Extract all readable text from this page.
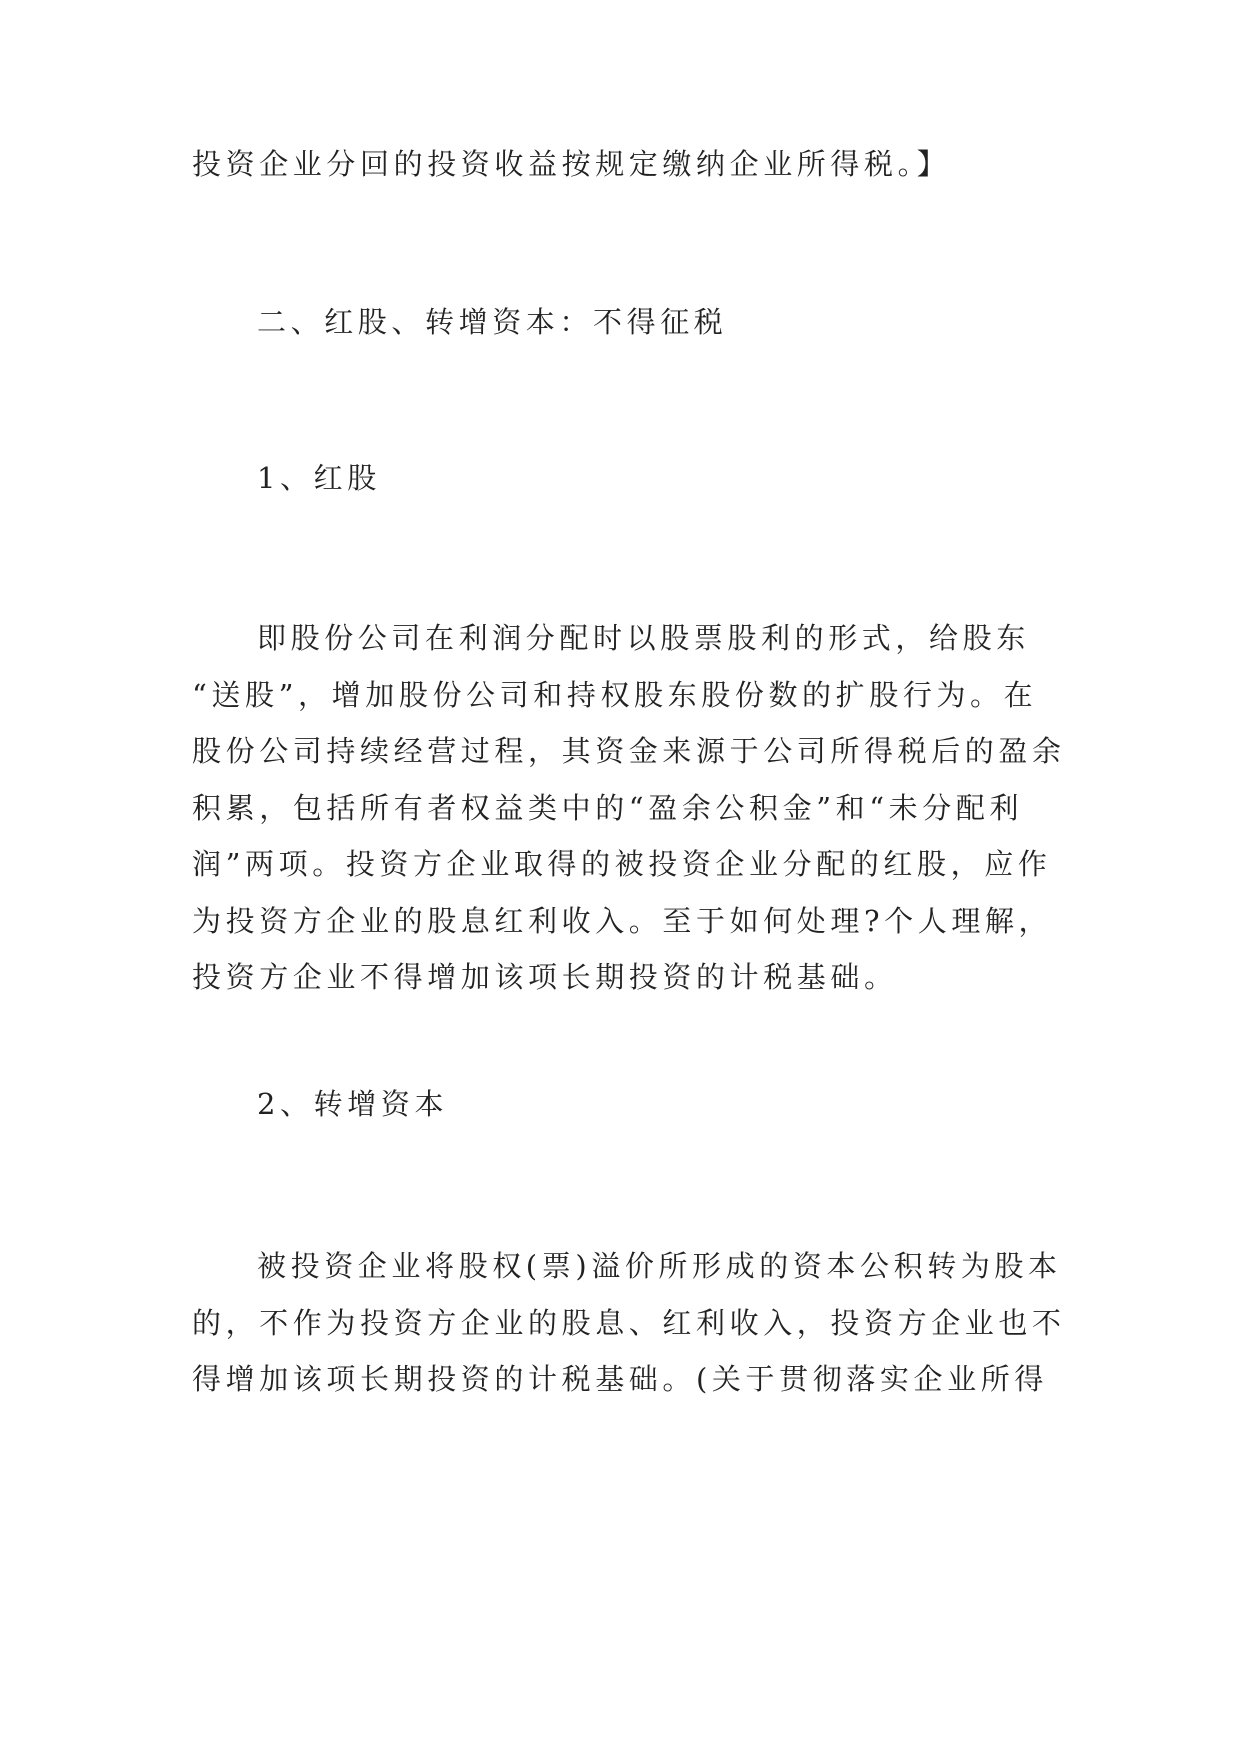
投资企业分回的投资收益按规定缴纳企业所得税。】
二、红股、转增资本：不得征税
1、红股
即股份公司在利润分配时以股票股利的形式，给股东
“送股”，增加股份公司和持权股东股份数的扩股行为。在
股份公司持续经营过程，其资金来源于公司所得税后的盈余
积累，包括所有者权益类中的“盈余公积金”和“未分配利
润”两项。投资方企业取得的被投资企业分配的红股，应作
为投资方企业的股息红利收入。至于如何处理?个人理解，
投资方企业不得增加该项长期投资的计税基础。
2、转增资本
被投资企业将股权(票)溢价所形成的资本公积转为股本
的，不作为投资方企业的股息、红利收入，投资方企业也不
得增加该项长期投资的计税基础。(关于贯彻落实企业所得
